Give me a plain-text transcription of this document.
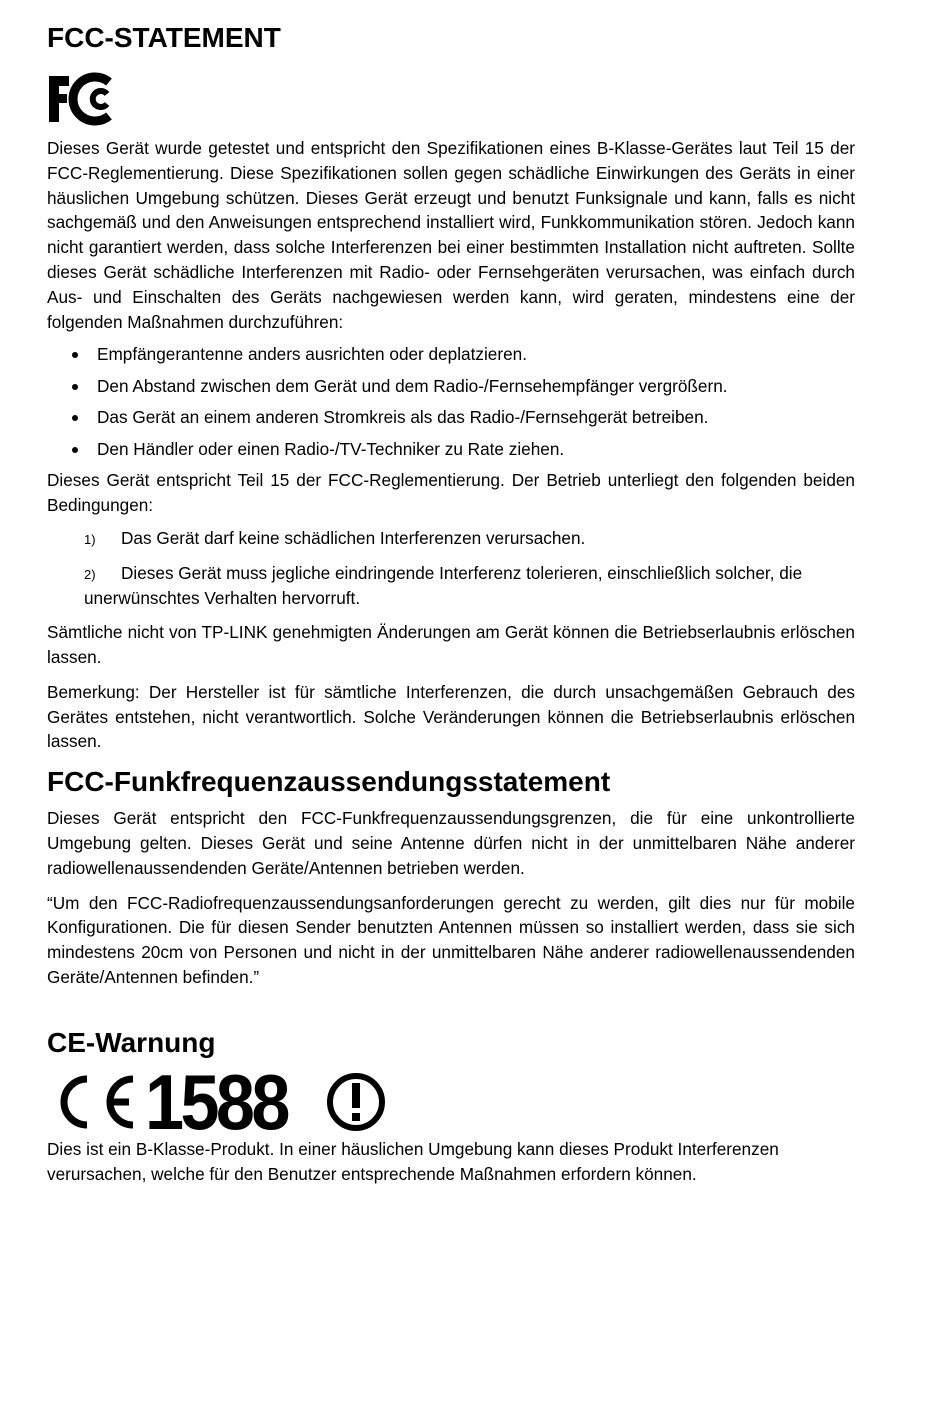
FCC-STATEMENT

Dieses Gerät wurde getestet und entspricht den Spezifikationen eines B-Klasse-Gerätes laut Teil 15 der FCC-Reglementierung. Diese Spezifikationen sollen gegen schädliche Einwirkungen des Geräts in einer häuslichen Umgebung schützen. Dieses Gerät erzeugt und benutzt Funksignale und kann, falls es nicht sachgemäß und den Anweisungen entsprechend installiert wird, Funkkommunikation stören. Jedoch kann nicht garantiert werden, dass solche Interferenzen bei einer bestimmten Installation nicht auftreten. Sollte dieses Gerät schädliche Interferenzen mit Radio- oder Fernsehgeräten verursachen, was einfach durch Aus- und Einschalten des Geräts nachgewiesen werden kann, wird geraten, mindestens eine der folgenden Maßnahmen durchzuführen:

Empfängerantenne anders ausrichten oder deplatzieren.
Den Abstand zwischen dem Gerät und dem Radio-/Fernsehempfänger vergrößern.
Das Gerät an einem anderen Stromkreis als das Radio-/Fernsehgerät betreiben.
Den Händler oder einen Radio-/TV-Techniker zu Rate ziehen.

Dieses Gerät entspricht Teil 15 der FCC-Reglementierung. Der Betrieb unterliegt den folgenden beiden Bedingungen:

1) Das Gerät darf keine schädlichen Interferenzen verursachen.
2) Dieses Gerät muss jegliche eindringende Interferenz tolerieren, einschließlich solcher, die unerwünschtes Verhalten hervorruft.

Sämtliche nicht von TP-LINK genehmigten Änderungen am Gerät können die Betriebserlaubnis erlöschen lassen.

Bemerkung: Der Hersteller ist für sämtliche Interferenzen, die durch unsachgemäßen Gebrauch des Gerätes entstehen, nicht verantwortlich. Solche Veränderungen können die Betriebserlaubnis erlöschen lassen.

FCC-Funkfrequenzaussendungsstatement

Dieses Gerät entspricht den FCC-Funkfrequenzaussendungsgrenzen, die für eine unkontrollierte Umgebung gelten. Dieses Gerät und seine Antenne dürfen nicht in der unmittelbaren Nähe anderer radiowellenaussendenden Geräte/Antennen betrieben werden.

“Um den FCC-Radiofrequenzaussendungsanforderungen gerecht zu werden, gilt dies nur für mobile Konfigurationen. Die für diesen Sender benutzten Antennen müssen so installiert werden, dass sie sich mindestens 20cm von Personen und nicht in der unmittelbaren Nähe anderer radiowellenaussendenden Geräte/Antennen befinden.”

CE-Warnung
1588

Dies ist ein B-Klasse-Produkt. In einer häuslichen Umgebung kann dieses Produkt Interferenzen verursachen, welche für den Benutzer entsprechende Maßnahmen erfordern können.
